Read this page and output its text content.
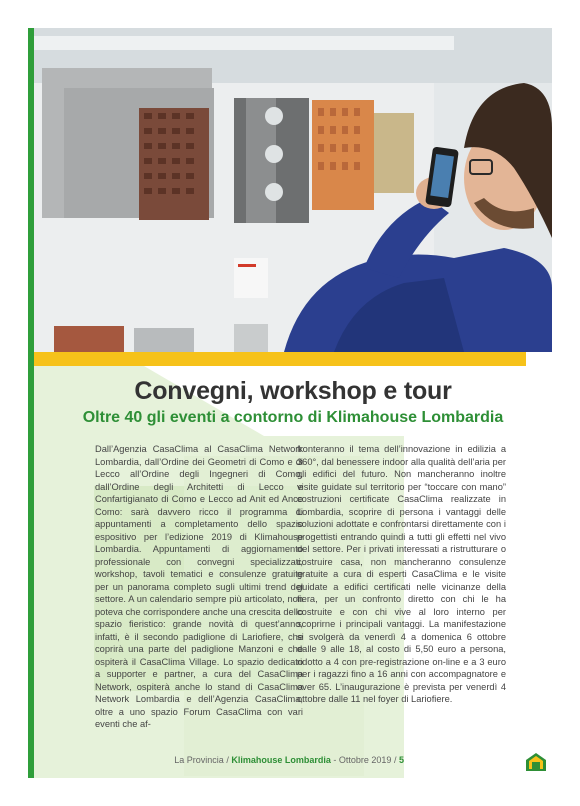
Convegni, workshop e tour
Oltre 40 gli eventi a contorno di Klimahouse Lombardia

Dall’Agenzia CasaClima al CasaClima Network Lombardia, dall’Ordine dei Geometri di Como e di Lecco all’Ordine degli Ingegneri di Como, dall’Ordine degli Architetti di Lecco e Confartigianato di Como e Lecco ad Anit ed Ance Como: sarà davvero ricco il programma di appuntamenti a completamento dello spazio espositivo per l’edizione 2019 di Klimahouse Lombardia. Appuntamenti di aggiornamento professionale con convegni specializzati, workshop, tavoli tematici e consulenze gratuite per un panorama completo sugli ultimi trend del settore. A un calendario sempre più articolato, non poteva che corrispondere anche una crescita dello spazio fieristico: grande novità di quest’anno, infatti, è il secondo padiglione di Lariofiere, che coprirà una parte del padiglione Manzoni e che ospiterà il CasaClima Village. Lo spazio dedicato a supporter e partner, a cura del CasaClima Network, ospiterà anche lo stand di CasaClima Network Lombardia e dell’Agenzia CasaClima, oltre a uno spazio Forum CasaClima con vari eventi che af-

fronteranno il tema dell’innovazione in edilizia a 360°, dal benessere indoor alla qualità dell’aria per gli edifici del futuro. Non mancheranno inoltre visite guidate sul territorio per “toccare con mano” costruzioni certificate CasaClima realizzate in Lombardia, scoprire di persona i vantaggi delle soluzioni adottate e confrontarsi direttamente con i progettisti entrando quindi a tutti gli effetti nel vivo del settore. Per i privati interessati a ristrutturare o costruire casa, non mancheranno consulenze gratuite a cura di esperti CasaClima e le visite guidate a edifici certificati nelle vicinanze della fiera, per un confronto diretto con chi le ha costruite e con chi vive al loro interno per scoprirne i principali vantaggi. La manifestazione si svolgerà da venerdì 4 a domenica 6 ottobre dalle 9 alle 18, al costo di 5,50 euro a persona, ridotto a 4 con pre-registrazione on-line e a 3 euro per i ragazzi fino a 16 anni con accompagnatore e over 65. L’inaugurazione è prevista per venerdì 4 ottobre dalle 11 nel foyer di Lariofiere.

La Provincia / Klimahouse Lombardia - Ottobre 2019 / 5
